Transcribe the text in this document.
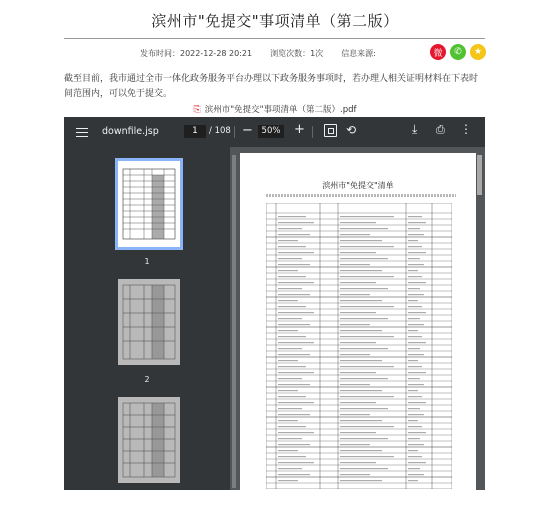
滨州市"免提交"事项清单（第二版）
发布时间：2022-12-28 20:21 浏览次数：1次 信息来源:	微	✆	★
截至目前，我市通过全市一体化政务服务平台办理以下政务服务事项时，若办理人相关证明材料在下表时间范围内，可以免于提交。
⎘ 滨州市"免提交"事项清单（第二版）.pdf
downfile.jsp	1	/ 108 −	50% +	⟲	⤓ ⎙ ⋮
1
2
滨州市"免提交"清单
